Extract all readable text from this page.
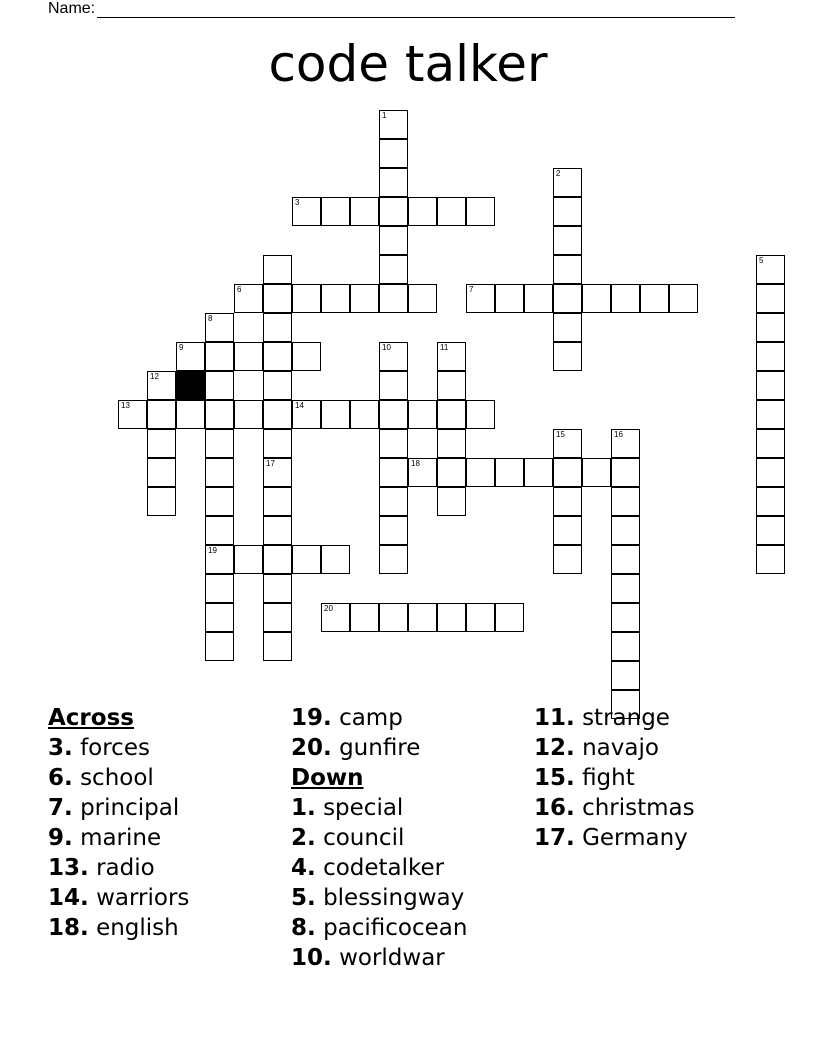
Name:
code talker
1
2
3
5
6	7
8
19
17
9	10	11
12
13	14
15	16
18
20
Across
3. forces
6. school
7. principal
9. marine
13. radio
14. warriors
18. english
19. camp
20. gunfire
Down
1. special
2. council
4. codetalker
5. blessingway
8. pacificocean
10. worldwar
11. strange
12. navajo
15. fight
16. christmas
17. Germany
